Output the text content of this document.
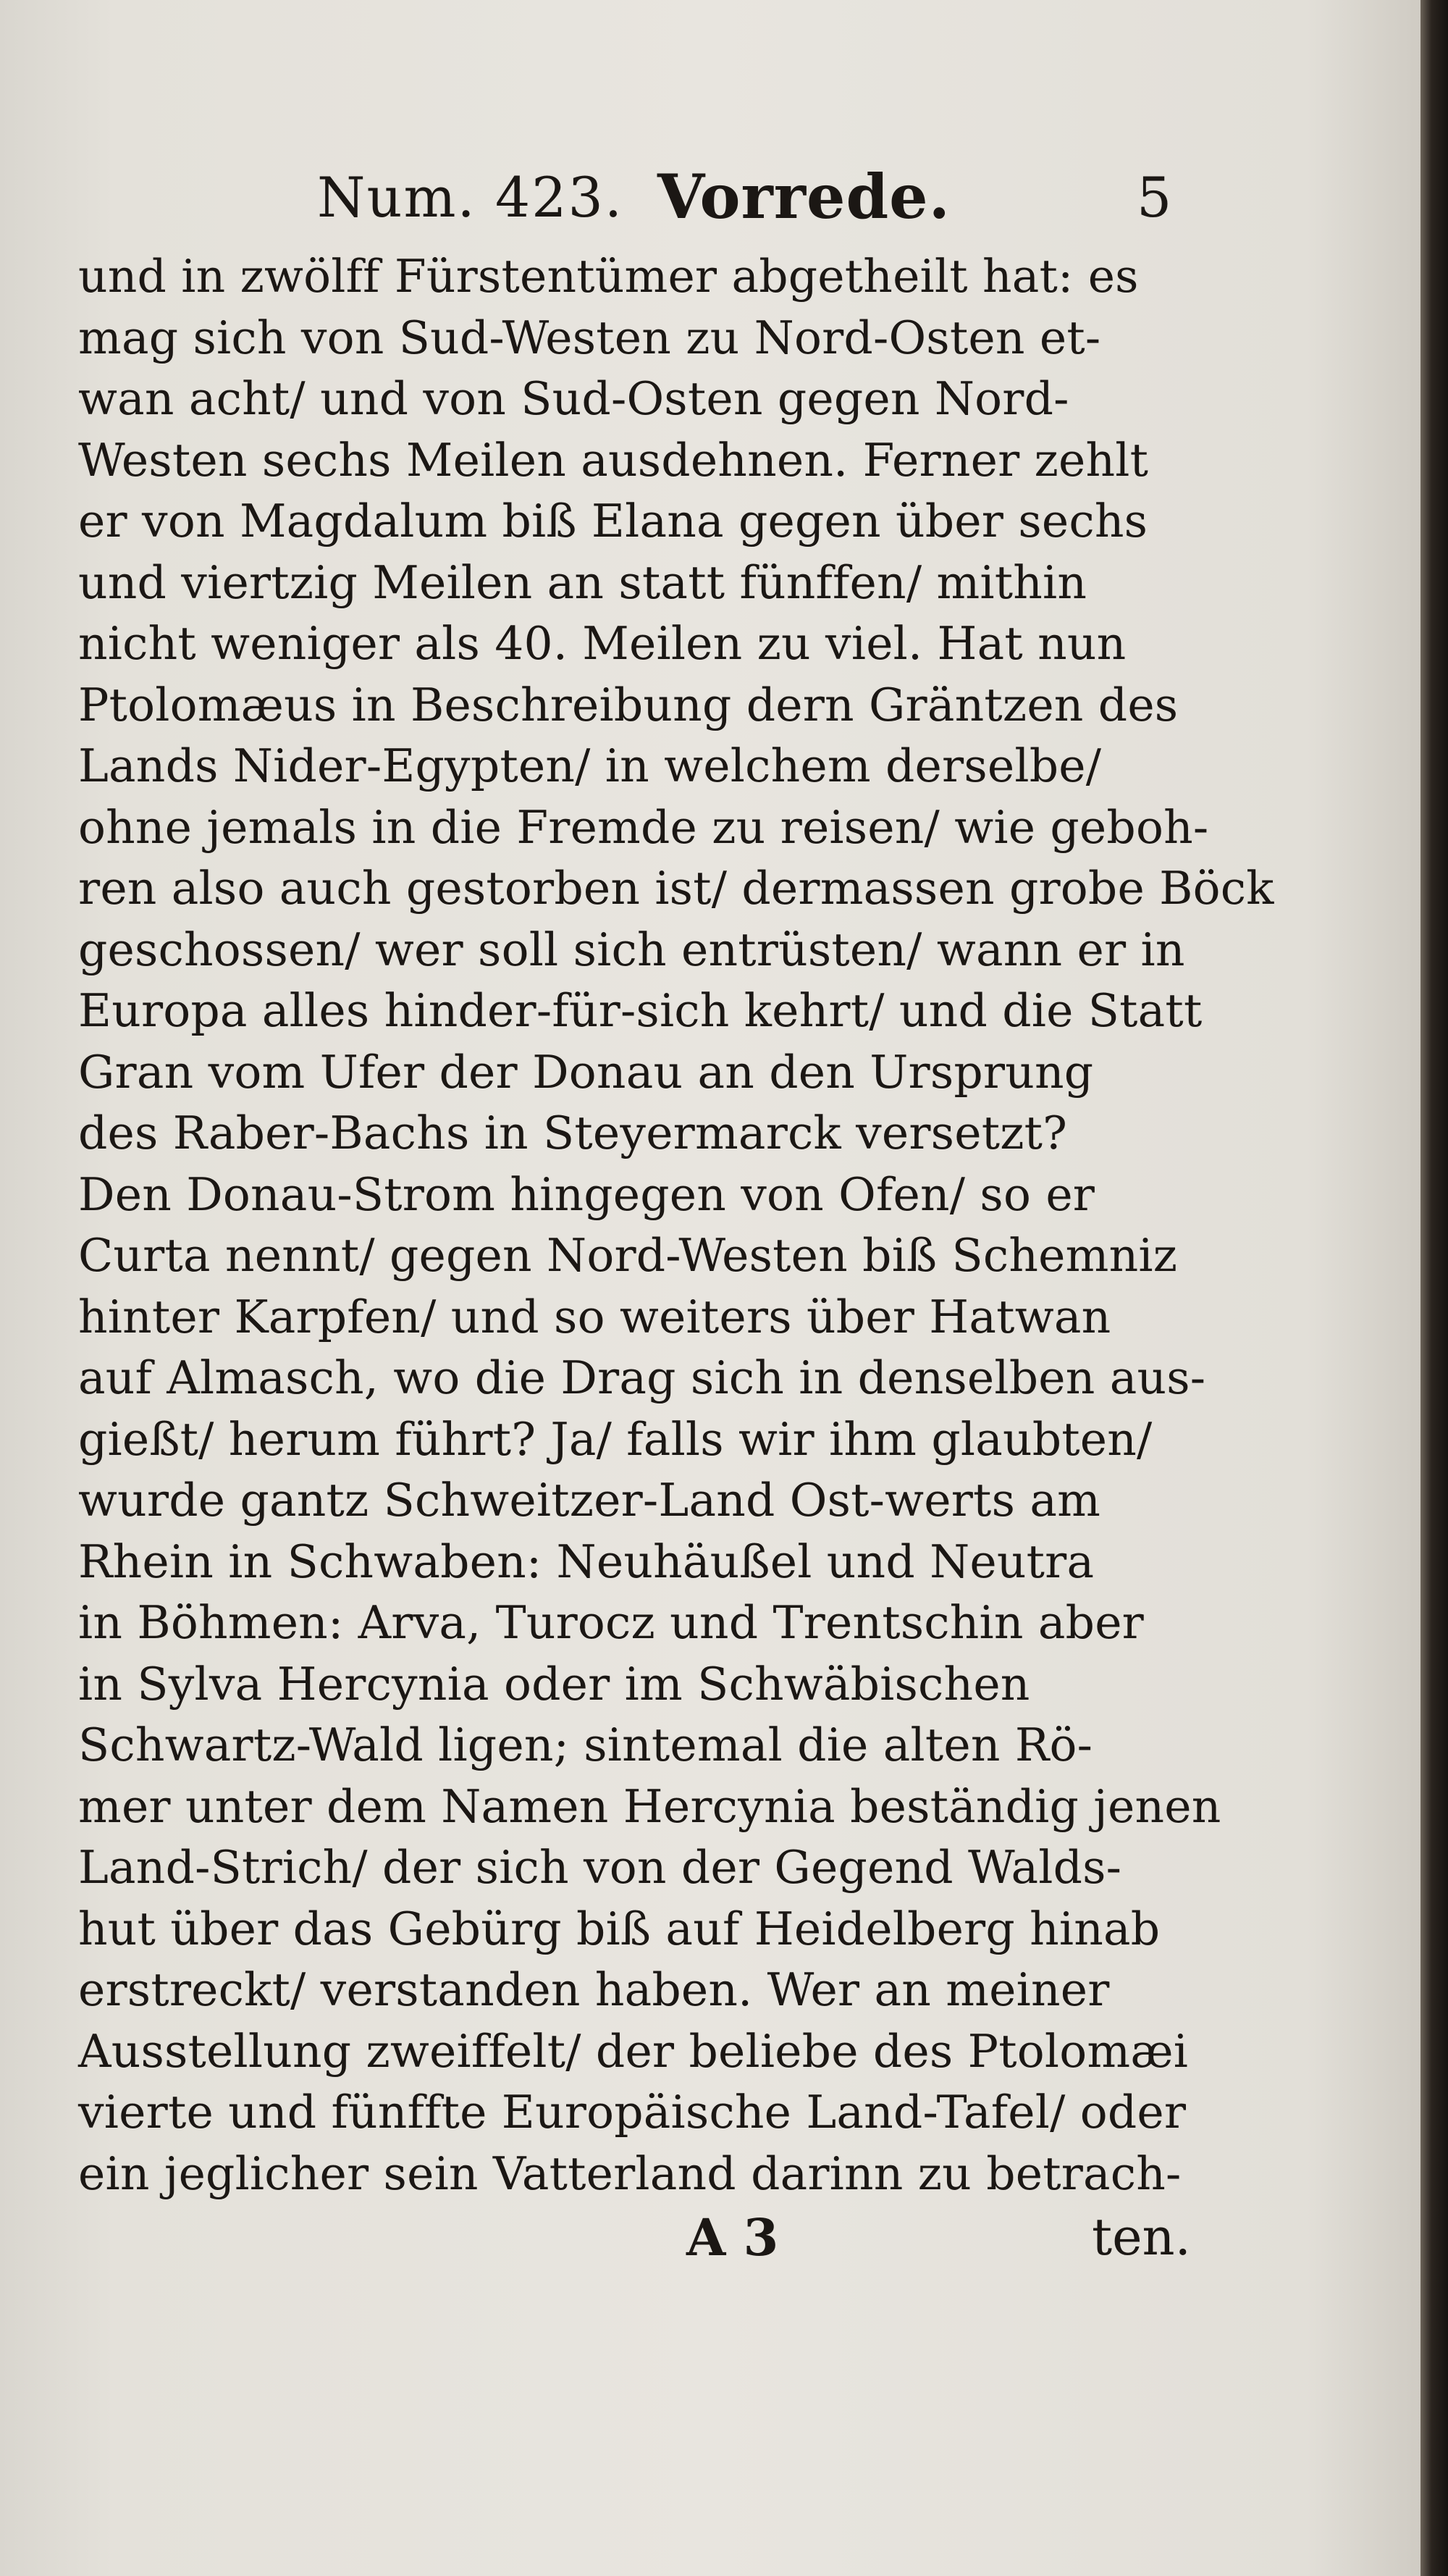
Num. 423. Vorrede.	5
und in zwölff Fürstentümer abgetheilt hat: es
mag sich von Sud-Westen zu Nord-Osten et-
wan acht/ und von Sud-Osten gegen Nord-
Westen sechs Meilen ausdehnen. Ferner zehlt
er von Magdalum biß Elana gegen über sechs
und viertzig Meilen an statt fünffen/ mithin
nicht weniger als 40. Meilen zu viel. Hat nun
Ptolomæus in Beschreibung dern Gräntzen des
Lands Nider-Egypten/ in welchem derselbe/
ohne jemals in die Fremde zu reisen/ wie geboh-
ren also auch gestorben ist/ dermassen grobe Böck
geschossen/ wer soll sich entrüsten/ wann er in
Europa alles hinder-für-sich kehrt/ und die Statt
Gran vom Ufer der Donau an den Ursprung
des Raber-Bachs in Steyermarck versetzt?
Den Donau-Strom hingegen von Ofen/ so er
Curta nennt/ gegen Nord-Westen biß Schemniz
hinter Karpfen/ und so weiters über Hatwan
auf Almasch, wo die Drag sich in denselben aus-
gießt/ herum führt? Ja/ falls wir ihm glaubten/
wurde gantz Schweitzer-Land Ost-werts am
Rhein in Schwaben: Neuhäußel und Neutra
in Böhmen: Arva, Turocz und Trentschin aber
in Sylva Hercynia oder im Schwäbischen
Schwartz-Wald ligen; sintemal die alten Rö-
mer unter dem Namen Hercynia beständig jenen
Land-Strich/ der sich von der Gegend Walds-
hut über das Gebürg biß auf Heidelberg hinab
erstreckt/ verstanden haben. Wer an meiner
Ausstellung zweiffelt/ der beliebe des Ptolomæi
vierte und fünffte Europäische Land-Tafel/ oder
ein jeglicher sein Vatterland darinn zu betrach-
A 3	ten.
